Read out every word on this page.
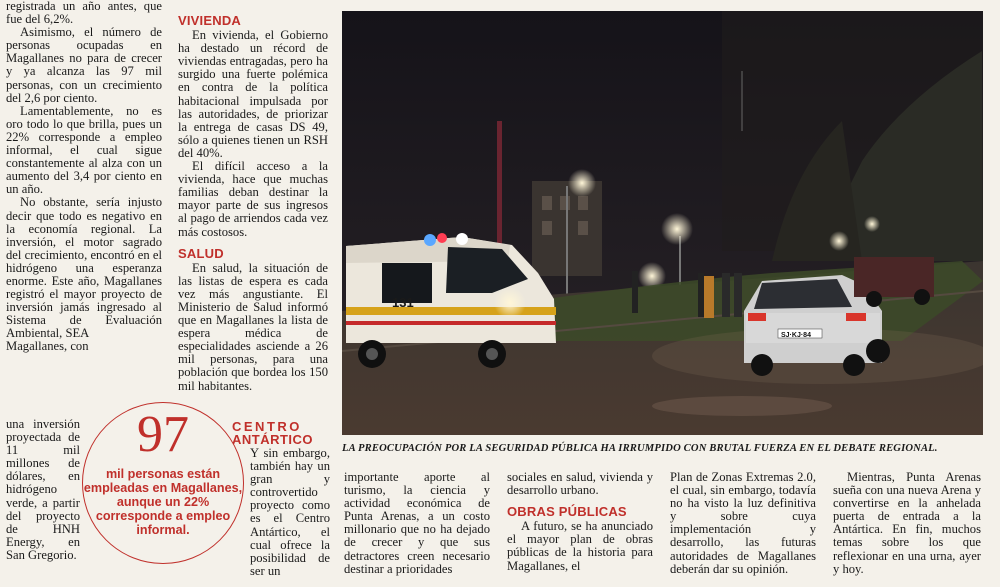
registrada un año antes, que fue del 6,2%.

Asimismo, el número de personas ocupadas en Magallanes no para de crecer y ya alcanza las 97 mil personas, con un crecimiento del 2,6 por ciento.

Lamentablemente, no es oro todo lo que brilla, pues un 22% corresponde a empleo informal, el cual sigue constantemente al alza con un aumento del 3,4 por ciento en un año.

No obstante, sería injusto decir que todo es negativo en la economía regional. La inversión, el motor sagrado del crecimiento, encontró en el hidrógeno una esperanza enorme. Este año, Magallanes registró el mayor proyecto de inversión jamás ingresado al Sistema de Evaluación Ambiental, SEA

Magallanes, con

una inversión proyectada de 11 mil millones de dólares, en hidrógeno verde, a partir del proyecto de HNH Energy, en San Gregorio.

VIVIENDA

En vivienda, el Gobierno ha destado un récord de viviendas entragadas, pero ha surgido una fuerte polémica en contra de la política habitacional impulsada por las autoridades, de priorizar la entrega de casas DS 49, sólo a quienes tienen un RSH del 40%.

El difícil acceso a la vivienda, hace que muchas familias deban destinar la mayor parte de sus ingresos al pago de arriendos cada vez más costosos.

SALUD

En salud, la situación de las listas de espera es cada vez más angustiante. El Ministerio de Salud informó que en Magallanes la lista de espera médica de especialidades asciende a 26 mil personas, para una población que bordea los 150 mil habitantes.

CENTRO
ANTÁRTICO

Y sin embargo, también hay un gran y controvertido proyecto como es el Centro Antártico, el cual ofrece la posibilidad de ser un

97
mil personas están empleadas en Magallanes, aunque un 22% corresponde a empleo informal.
131
SJ·KJ·84
LA PREOCUPACIÓN POR LA SEGURIDAD PÚBLICA HA IRRUMPIDO CON BRUTAL FUERZA EN EL DEBATE REGIONAL.

importante aporte al turismo, la ciencia y actividad económica de Punta Arenas, a un costo millonario que no ha dejado de crecer y que sus detractores creen necesario destinar a prioridades

sociales en salud, vivienda y desarrollo urbano.

OBRAS PÚBLICAS

A futuro, se ha anunciado el mayor plan de obras públicas de la historia para Magallanes, el

Plan de Zonas Extremas 2.0, el cual, sin embargo, todavía no ha visto la luz definitiva y sobre cuya implementación y desarrollo, las futuras autoridades de Magallanes deberán dar su opinión.

Mientras, Punta Arenas sueña con una nueva Arena y convertirse en la anhelada puerta de entrada a la Antártica. En fin, muchos temas sobre los que reflexionar en una urna, ayer y hoy.
